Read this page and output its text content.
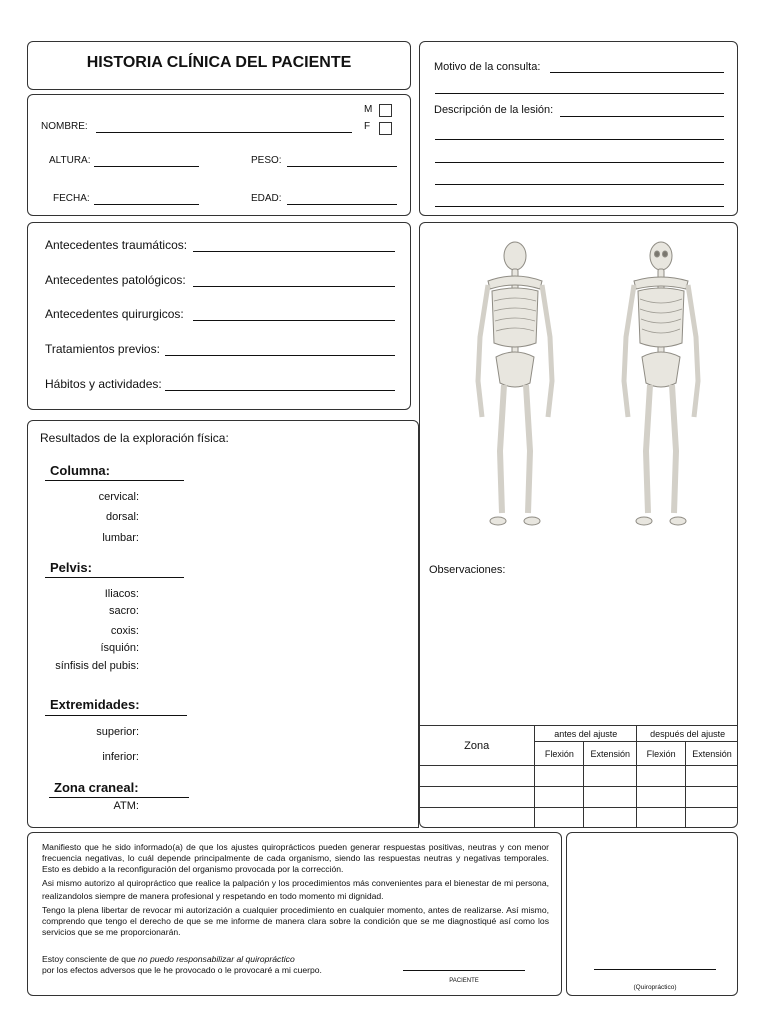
HISTORIA CLÍNICA DEL PACIENTE
M
F
NOMBRE:
ALTURA:	PESO:
FECHA:	EDAD:
Motivo de la consulta:
Descripción de la lesión:
Antecedentes traumáticos:
Antecedentes patológicos:
Antecedentes quirurgicos:
Tratamientos previos:
Hábitos y actividades:
Observaciones:
Zona	antes del ajuste		después del ajuste	
	Flexión	Extensión	Flexión	Extensión

Resultados de la exploración física:
Columna:
cervical:
dorsal:
lumbar:
Pelvis:
Iliacos:
sacro:
coxis:
ísquión:
sínfisis del pubis:
Extremidades:
superior:
inferior:
Zona craneal:
ATM:

Manifiesto que he sido informado(a) de que los ajustes quiroprácticos pueden generar respuestas positivas, neutras y con menor frecuencia negativas, lo cuál depende principalmente de cada organismo, siendo las respuestas neutras y negativas temporales. Esto es debido a la reconfiguración del organismo provocada por la corrección.

Asi mismo autorizo al quiropráctico que realice la palpación y los procedimientos más convenientes para el bienestar de mi persona, realizandolos siempre de manera profesional y respetando en todo momento mi dignidad.

Tengo la plena libertar de revocar mi autorización a cualquier procedimiento en cualquier momento, antes de realizarse. Así mismo, comprendo que tengo el derecho de que se me informe de manera clara sobre la condición que se me diagnostiqué así como los servicios que se me proporcionarán.

Estoy consciente de que no puedo responsabilizar al quiropráctico
por los efectos adversos que le he provocado o le provocaré a mi cuerpo.
PACIENTE
(Quiropráctico)
